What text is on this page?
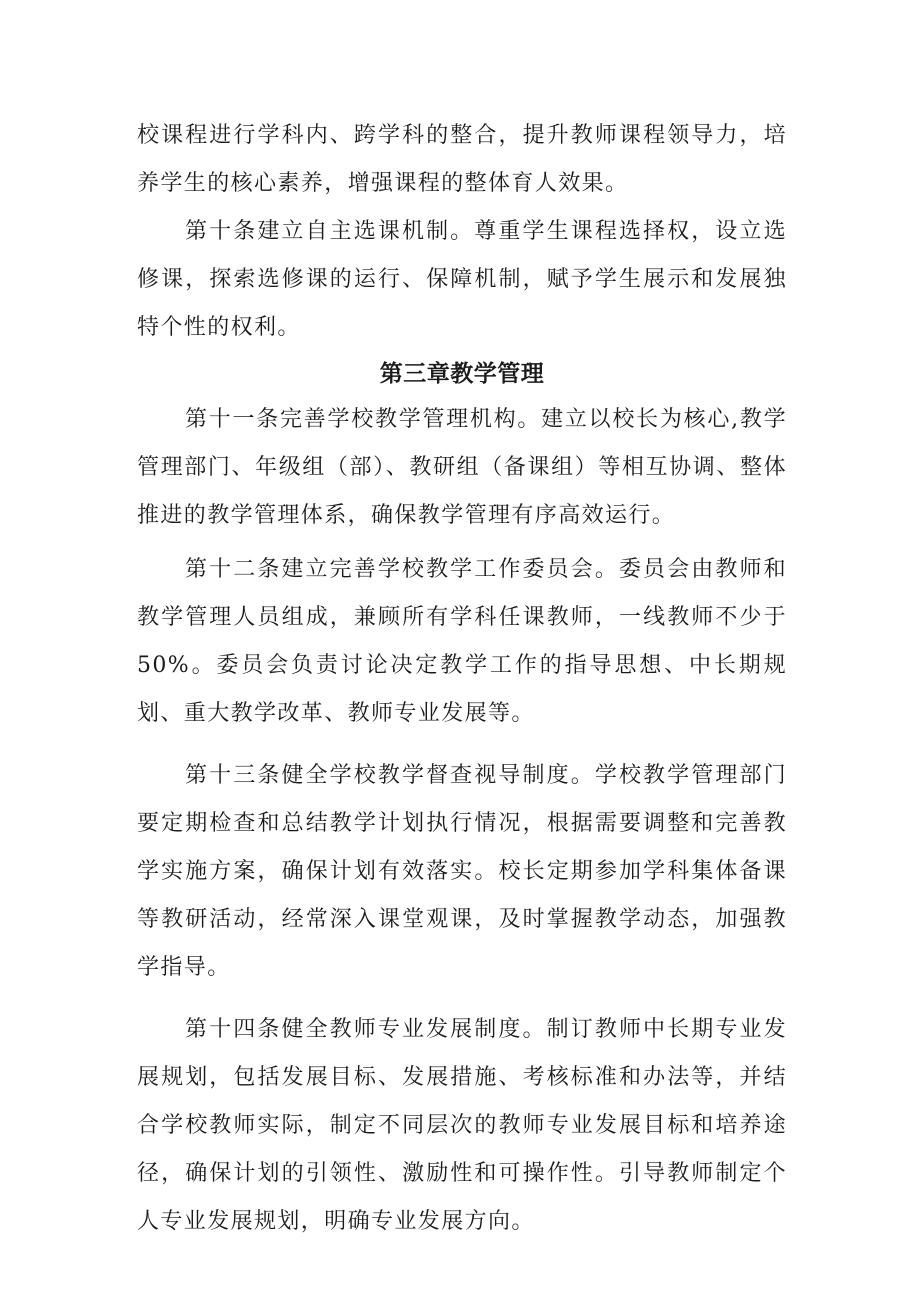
校课程进行学科内、跨学科的整合，提升教师课程领导力，培养学生的核心素养，增强课程的整体育人效果。

第十条建立自主选课机制。尊重学生课程选择权，设立选修课，探索选修课的运行、保障机制，赋予学生展示和发展独特个性的权利。

第三章教学管理

第十一条完善学校教学管理机构。建立以校长为核心,教学管理部门、年级组（部）、教研组（备课组）等相互协调、整体推进的教学管理体系，确保教学管理有序高效运行。

第十二条建立完善学校教学工作委员会。委员会由教师和教学管理人员组成，兼顾所有学科任课教师，一线教师不少于50%。委员会负责讨论决定教学工作的指导思想、中长期规划、重大教学改革、教师专业发展等。

第十三条健全学校教学督查视导制度。学校教学管理部门要定期检查和总结教学计划执行情况，根据需要调整和完善教学实施方案，确保计划有效落实。校长定期参加学科集体备课等教研活动，经常深入课堂观课，及时掌握教学动态，加强教学指导。

第十四条健全教师专业发展制度。制订教师中长期专业发展规划，包括发展目标、发展措施、考核标准和办法等，并结合学校教师实际，制定不同层次的教师专业发展目标和培养途径，确保计划的引领性、激励性和可操作性。引导教师制定个人专业发展规划，明确专业发展方向。
